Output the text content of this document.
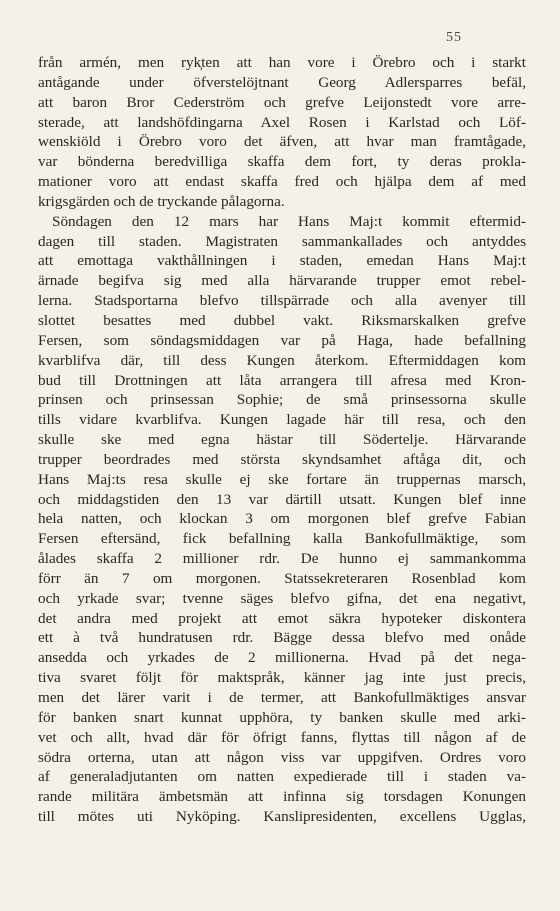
55
från armén, men ryk̦ten att han vore i Örebro och i starkt
antågande under öfverstelöjtnant Georg Adlersparres befäl,
att baron Bror Cederström och grefve Leijonstedt vore arre-
sterade, att landshöfdingarna Axel Rosen i Karlstad och Löf-
wenskiöld i Örebro voro det äfven, att hvar man framtågade,
var bönderna beredvilliga skaffa dem fort, ty deras prokla-
mationer voro att endast skaffa fred och hjälpa dem af med
krigsgärden och de tryckande pålagorna.
Söndagen den 12 mars har Hans Maj:t kommit eftermid-
dagen till staden. Magistraten sammankallades och antyddes
att emottaga vakthållningen i staden, emedan Hans Maj:t
ärnade begifva sig med alla härvarande trupper emot rebel-
lerna. Stadsportarna blefvo tillspärrade och alla avenyer till
slottet besattes med dubbel vakt. Riksmarskalken grefve
Fersen, som söndagsmiddagen var på Haga, hade befallning
kvarblifva där, till dess Kungen återkom. Eftermiddagen kom
bud till Drottningen att låta arrangera till afresa med Kron-
prinsen och prinsessan Sophie; de små prinsessorna skulle
tills vidare kvarblifva. Kungen lagade här till resa, och den
skulle ske med egna hästar till Södertelje. Härvarande
trupper beordrades med största skyndsamhet aftåga dit, och
Hans Maj:ts resa skulle ej ske fortare än truppernas marsch,
och middagstiden den 13 var därtill utsatt. Kungen blef inne
hela natten, och klockan 3 om morgonen blef grefve Fabian
Fersen eftersänd, fick befallning kalla Bankofullmäktige, som
ålades skaffa 2 millioner rdr. De hunno ej sammankomma
förr än 7 om morgonen. Statssekreteraren Rosenblad kom
och yrkade svar; tvenne säges blefvo gifna, det ena negativt,
det andra med projekt att emot säkra hypoteker diskontera
ett à två hundratusen rdr. Bägge dessa blefvo med onåde
ansedda och yrkades de 2 millionerna. Hvad på det nega-
tiva svaret följt för maktspråk, känner jag inte just precis,
men det lärer varit i de termer, att Bankofullmäktiges ansvar
för banken snart kunnat upphöra, ty banken skulle med arki-
vet och allt, hvad där för öfrigt fanns, flyttas till någon af de
södra orterna, utan att någon viss var uppgifven. Ordres voro
af generaladjutanten om natten expedierade till i staden va-
rande militära ämbetsmän att infinna sig torsdagen Konungen
till mötes uti Nyköping. Kanslipresidenten, excellens Ugglas,
